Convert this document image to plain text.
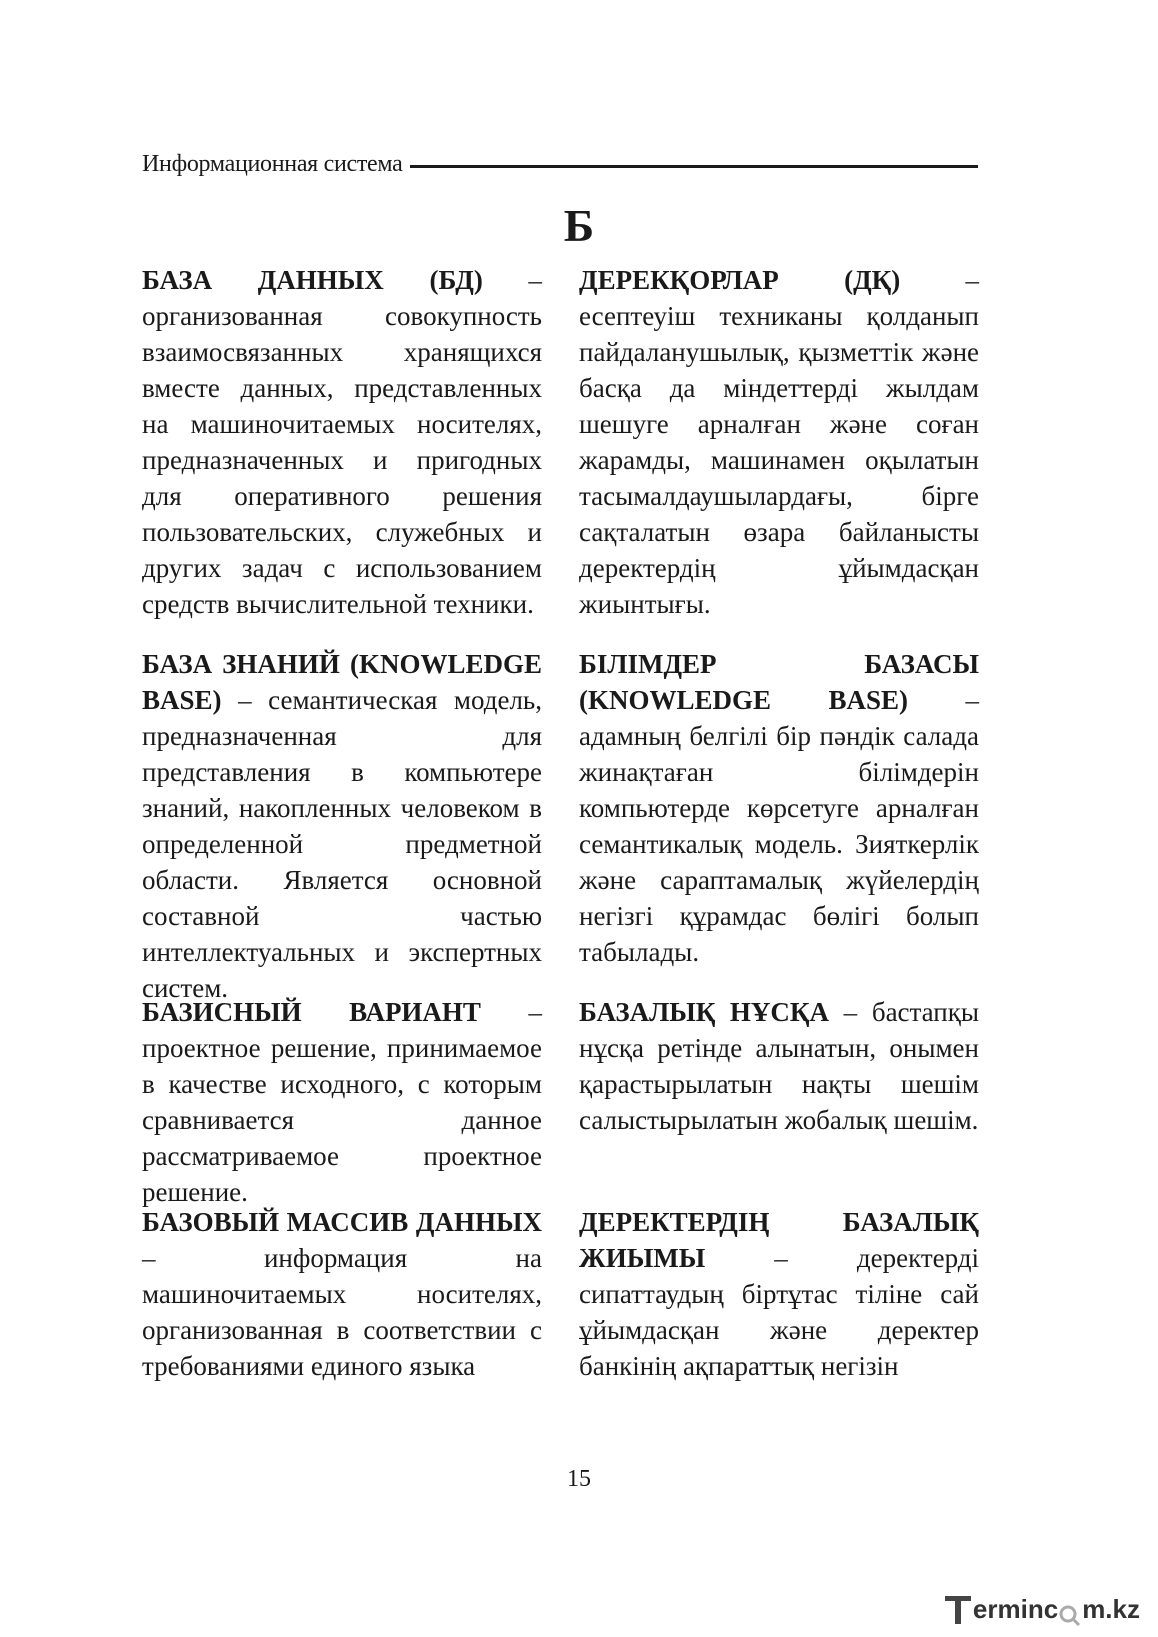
Информационная система
Б

БАЗА ДАННЫХ (БД) – организованная совокупность взаимосвязанных хранящихся вместе данных, представленных на машиночитаемых носителях, предназначенных и пригодных для оперативного решения пользовательских, служебных и других задач с использованием средств вычислительной техники.

БАЗА ЗНАНИЙ (KNOWLEDGE BASE) – семантическая модель, предназначенная для представления в компьютере знаний, накопленных человеком в определенной предметной области. Является основной составной частью интеллектуальных и экспертных систем.

БАЗИСНЫЙ ВАРИАНТ – проектное решение, принимаемое в качестве исходного, с которым сравнивается данное рассматриваемое проектное решение.

БАЗОВЫЙ МАССИВ ДАННЫХ – информация на машиночитаемых носителях, организованная в соответствии с требованиями единого языка

ДЕРЕКҚОРЛАР (ДҚ) – есептеуіш техниканы қолданып пайдаланушылық, қызметтік және басқа да міндеттерді жылдам шешуге арналған және соған жарамды, машинамен оқылатын тасымалдаушылардағы, бірге сақталатын өзара байланысты деректердің ұйымдасқан жиынтығы.

БІЛІМДЕР БАЗАСЫ (KNOWLEDGE BASE) –адамның белгілі бір пәндік салада жинақтаған білімдерін компьютерде көрсетуге арналған семантикалық модель. Зияткерлік және сараптамалық жүйелердің негізгі құрамдас бөлігі болып табылады.

БАЗАЛЫҚ НҰСҚА – бастапқы нұсқа ретінде алынатын, онымен қарастырылатын нақты шешім салыстырылатын жобалық шешім.

ДЕРЕКТЕРДІҢ БАЗАЛЫҚ ЖИЫМЫ – деректерді сипаттаудың біртұтас тіліне сай ұйымдасқан және деректер банкінің ақпараттық негізін

15
ermin c m.kz
